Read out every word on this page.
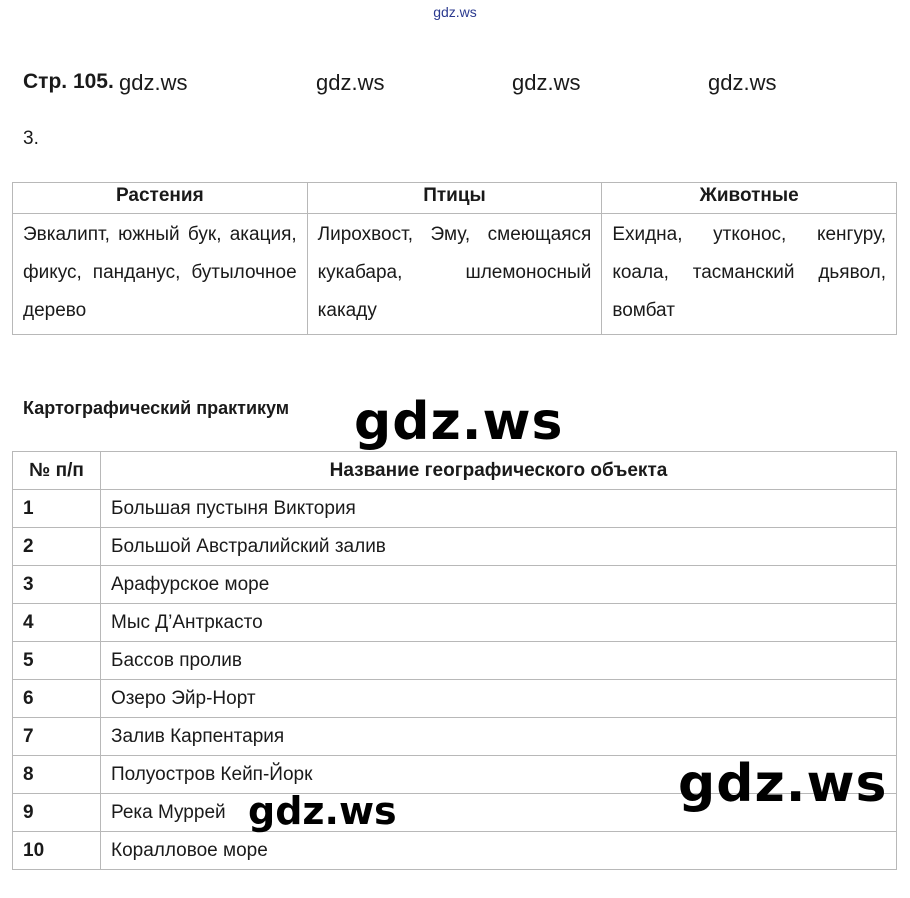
gdz.ws
Стр. 105. gdz.ws	gdz.ws	gdz.ws	gdz.ws
3.
Растения	Птицы	Животные
Эвкалипт, южный бук, акация, фикус, панданус, бутылочное дерево	Лирохвост, Эму, смеющаяся кукабара, шлемоносный какаду	Ехидна, утконос, кенгуру, коала, тасманский дьявол, вомбат
Картографический практикум gdz.ws
№ п/п	Название географического объекта
1	Большая пустыня Виктория
2	Большой Австралийский залив
3	Арафурское море
4	Мыс Д’Антркасто
5	Бассов пролив
6	Озеро Эйр-Норт
7	Залив Карпентария
8	Полуостров Кейп-Йорк
9	Река Муррей
10	Коралловое море
gdz.ws
gdz.ws
